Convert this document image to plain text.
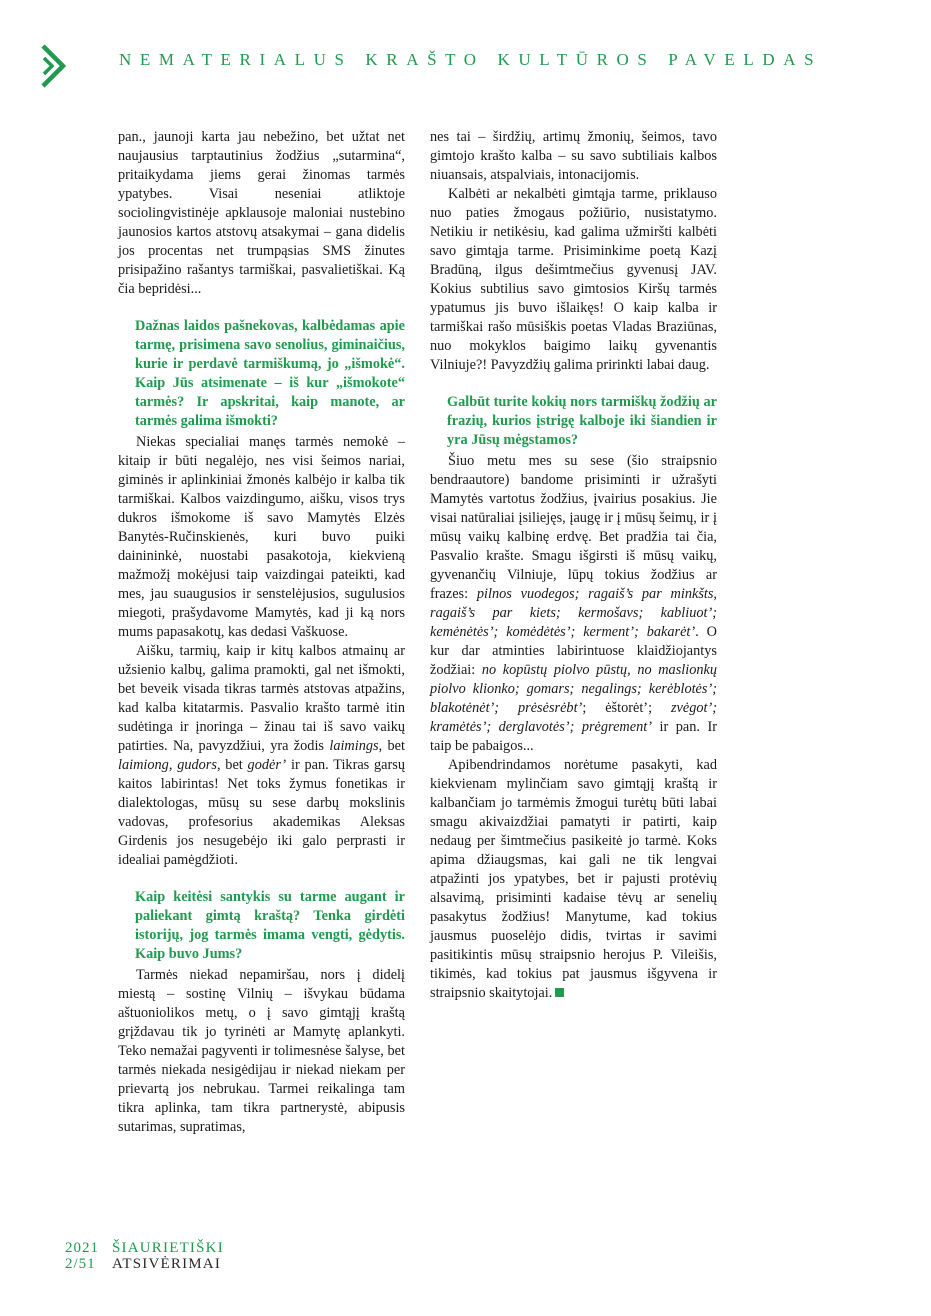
NEMATERIALUS KRAŠTO KULTŪROS PAVELDAS

pan., jaunoji karta jau nebežino, bet užtat net naujausius tarptautinius žodžius „sutarmina“, pritaikydama jiems gerai žinomas tarmės ypatybes. Visai neseniai atliktoje sociolingvistinėje apklausoje maloniai nustebino jaunosios kartos atstovų atsakymai – gana didelis jos procentas net trumpąsias SMS žinutes prisipažino rašantys tarmiškai, pasvalietiškai. Ką čia bepridėsi...

Dažnas laidos pašnekovas, kalbėdamas apie tarmę, prisimena savo senolius, giminaičius, kurie ir perdavė tarmiškumą, jo „išmokė“. Kaip Jūs atsimenate – iš kur „išmokote“ tarmės? Ir apskritai, kaip manote, ar tarmės galima išmokti?

Niekas specialiai manęs tarmės nemokė – kitaip ir būti negalėjo, nes visi šeimos nariai, giminės ir aplinkiniai žmonės kalbėjo ir kalba tik tarmiškai. Kalbos vaizdingumo, aišku, visos trys dukros išmokome iš savo Mamytės Elzės Banytės-Ručinskienės, kuri buvo puiki dainininkė, nuostabi pasakotoja, kiekvieną mažmožį mokėjusi taip vaizdingai pateikti, kad mes, jau suaugusios ir senstelėjusios, sugulusios miegoti, prašydavome Mamytės, kad ji ką nors mums papasakotų, kas dedasi Vaškuose.

Aišku, tarmių, kaip ir kitų kalbos atmainų ar užsienio kalbų, galima pramokti, gal net išmokti, bet beveik visada tikras tarmės atstovas atpažins, kad kalba kitatarmis. Pasvalio krašto tarmė itin sudėtinga ir įnoringa – žinau tai iš savo vaikų patirties. Na, pavyzdžiui, yra žodis laimings, bet laimiong, gudors, bet godėr’ ir pan. Tikras garsų kaitos labirintas! Net toks žymus fonetikas ir dialektologas, mūsų su sese darbų mokslinis vadovas, profesorius akademikas Aleksas Girdenis jos nesugebėjo iki galo perprasti ir idealiai pamėgdžioti.

Kaip keitėsi santykis su tarme augant ir paliekant gimtą kraštą? Tenka girdėti istorijų, jog tarmės imama vengti, gėdytis. Kaip buvo Jums?

Tarmės niekad nepamiršau, nors į didelį miestą – sostinę Vilnių – išvykau būdama aštuoniolikos metų, o į savo gimtąjį kraštą grįždavau tik jo tyrinėti ar Mamytę aplankyti. Teko nemažai pagyventi ir tolimesnėse šalyse, bet tarmės niekada nesigėdijau ir niekad niekam per prievartą jos nebrukau. Tarmei reikalinga tam tikra aplinka, tam tikra partnerystė, abipusis sutarimas, supratimas,

nes tai – širdžių, artimų žmonių, šeimos, tavo gimtojo krašto kalba – su savo subtiliais kalbos niuansais, atspalviais, intonacijomis.

Kalbėti ar nekalbėti gimtąja tarme, priklauso nuo paties žmogaus požiūrio, nusistatymo. Netikiu ir netikėsiu, kad galima užmiršti kalbėti savo gimtąja tarme. Prisiminkime poetą Kazį Bradūną, ilgus dešimtmečius gyvenusį JAV. Kokius subtilius savo gimtosios Kiršų tarmės ypatumus jis buvo išlaikęs! O kaip kalba ir tarmiškai rašo mūsiškis poetas Vladas Braziūnas, nuo mokyklos baigimo laikų gyvenantis Vilniuje?! Pavyzdžių galima pririnkti labai daug.

Galbūt turite kokių nors tarmiškų žodžių ar frazių, kurios įstrigę kalboje iki šiandien ir yra Jūsų mėgstamos?

Šiuo metu mes su sese (šio straipsnio bendraautore) bandome prisiminti ir užrašyti Mamytės vartotus žodžius, įvairius posakius. Jie visai natūraliai įsiliejęs, įaugę ir į mūsų šeimų, ir į mūsų vaikų kalbinę erdvę. Bet pradžia tai čia, Pasvalio krašte. Smagu išgirsti iš mūsų vaikų, gyvenančių Vilniuje, lūpų tokius žodžius ar frazes: pilnos vuodegos; ragaiš’s par minkšts, ragaiš’s par kiets; kermošavs; kabliuot’; kemėnėtės’; komėdėtės’; kerment’; bakarėt’. O kur dar atminties labirintuose klaidžiojantys žodžiai: no kopūstų piolvo pūstų, no maslionkų piolvo klionko; gomars; negalings; kerėblotės’; blakotėnėt’; prėsėsrėbt’; ėštorėt’; zvėgot’; kramėtės’; derglavotės’; prėgrement’ ir pan. Ir taip be pabaigos...

Apibendrindamos norėtume pasakyti, kad kiekvienam mylinčiam savo gimtąjį kraštą ir kalbančiam jo tarmėmis žmogui turėtų būti labai smagu akivaizdžiai pamatyti ir patirti, kaip nedaug per šimtmečius pasikeitė jo tarmė. Koks apima džiaugsmas, kai gali ne tik lengvai atpažinti jos ypatybes, bet ir pajusti protėvių alsavimą, prisiminti kadaise tėvų ar senelių pasakytus žodžius! Manytume, kad tokius jausmus puoselėjo didis, tvirtas ir savimi pasitikintis mūsų straipsnio herojus P. Vileišis, tikimės, kad tokius pat jausmus išgyvena ir straipsnio skaitytojai.

2021 ŠIAURIETIŠKI
2/51 ATSIVĖRIMAI
